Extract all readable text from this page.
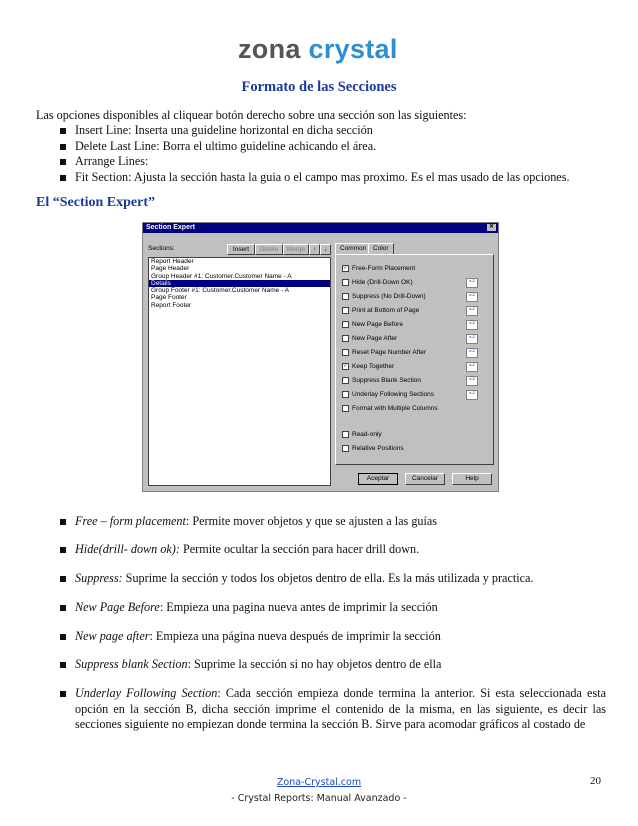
zona crystal
Formato de las Secciones
Las opciones disponibles al cliquear botón derecho sobre una sección son las siguientes:
Insert Line: Inserta una guideline horizontal en dicha sección
Delete Last Line: Borra el ultimo guideline achicando el área.
Arrange Lines:
Fit Section: Ajusta la sección hasta la guia o el campo mas proximo. Es el mas usado de las opciones.
El “Section Expert”
Section Expert	✕
Sections:	Insert	Delete	Merge	↑	↓
Report Header
Page Header
Group Header #1: Customer.Customer Name - A
Details
Group Footer #1: Customer.Customer Name - A
Page Footer
Report Footer
Common	Color
✓ Free-Form Placement
Hide (Drill-Down OK)
Suppress (No Drill-Down)
Print at Bottom of Page
New Page Before
New Page After
Reset Page Number After
✓ Keep Together
Suppress Blank Section
Underlay Following Sections
Format with Multiple Columns
Read-only
Relative Positions
x-2
x-2
x-2
x-2
x-2
x-2
x-2
x-2
x-2
Aceptar	Cancelar	Help
Free – form placement: Permite mover objetos y que se ajusten a las guías
Hide(drill- down ok): Permite ocultar la sección para hacer drill down.
Suppress: Suprime la sección y todos los objetos dentro de ella. Es la más utilizada y practica.
New Page Before: Empieza una pagina nueva antes de imprimir la sección
New page after: Empieza una página nueva después de imprimir la sección
Suppress blank Section: Suprime la sección si no hay objetos dentro de ella
Underlay Following Section: Cada sección empieza donde termina la anterior. Si esta seleccionada esta opción en la sección B, dicha sección imprime el contenido de la misma, en las siguiente, es decir las secciones siguiente no empiezan donde termina la sección B. Sirve para acomodar gráficos al costado de
Zona-Crystal.com
- Crystal Reports: Manual Avanzado -
20
